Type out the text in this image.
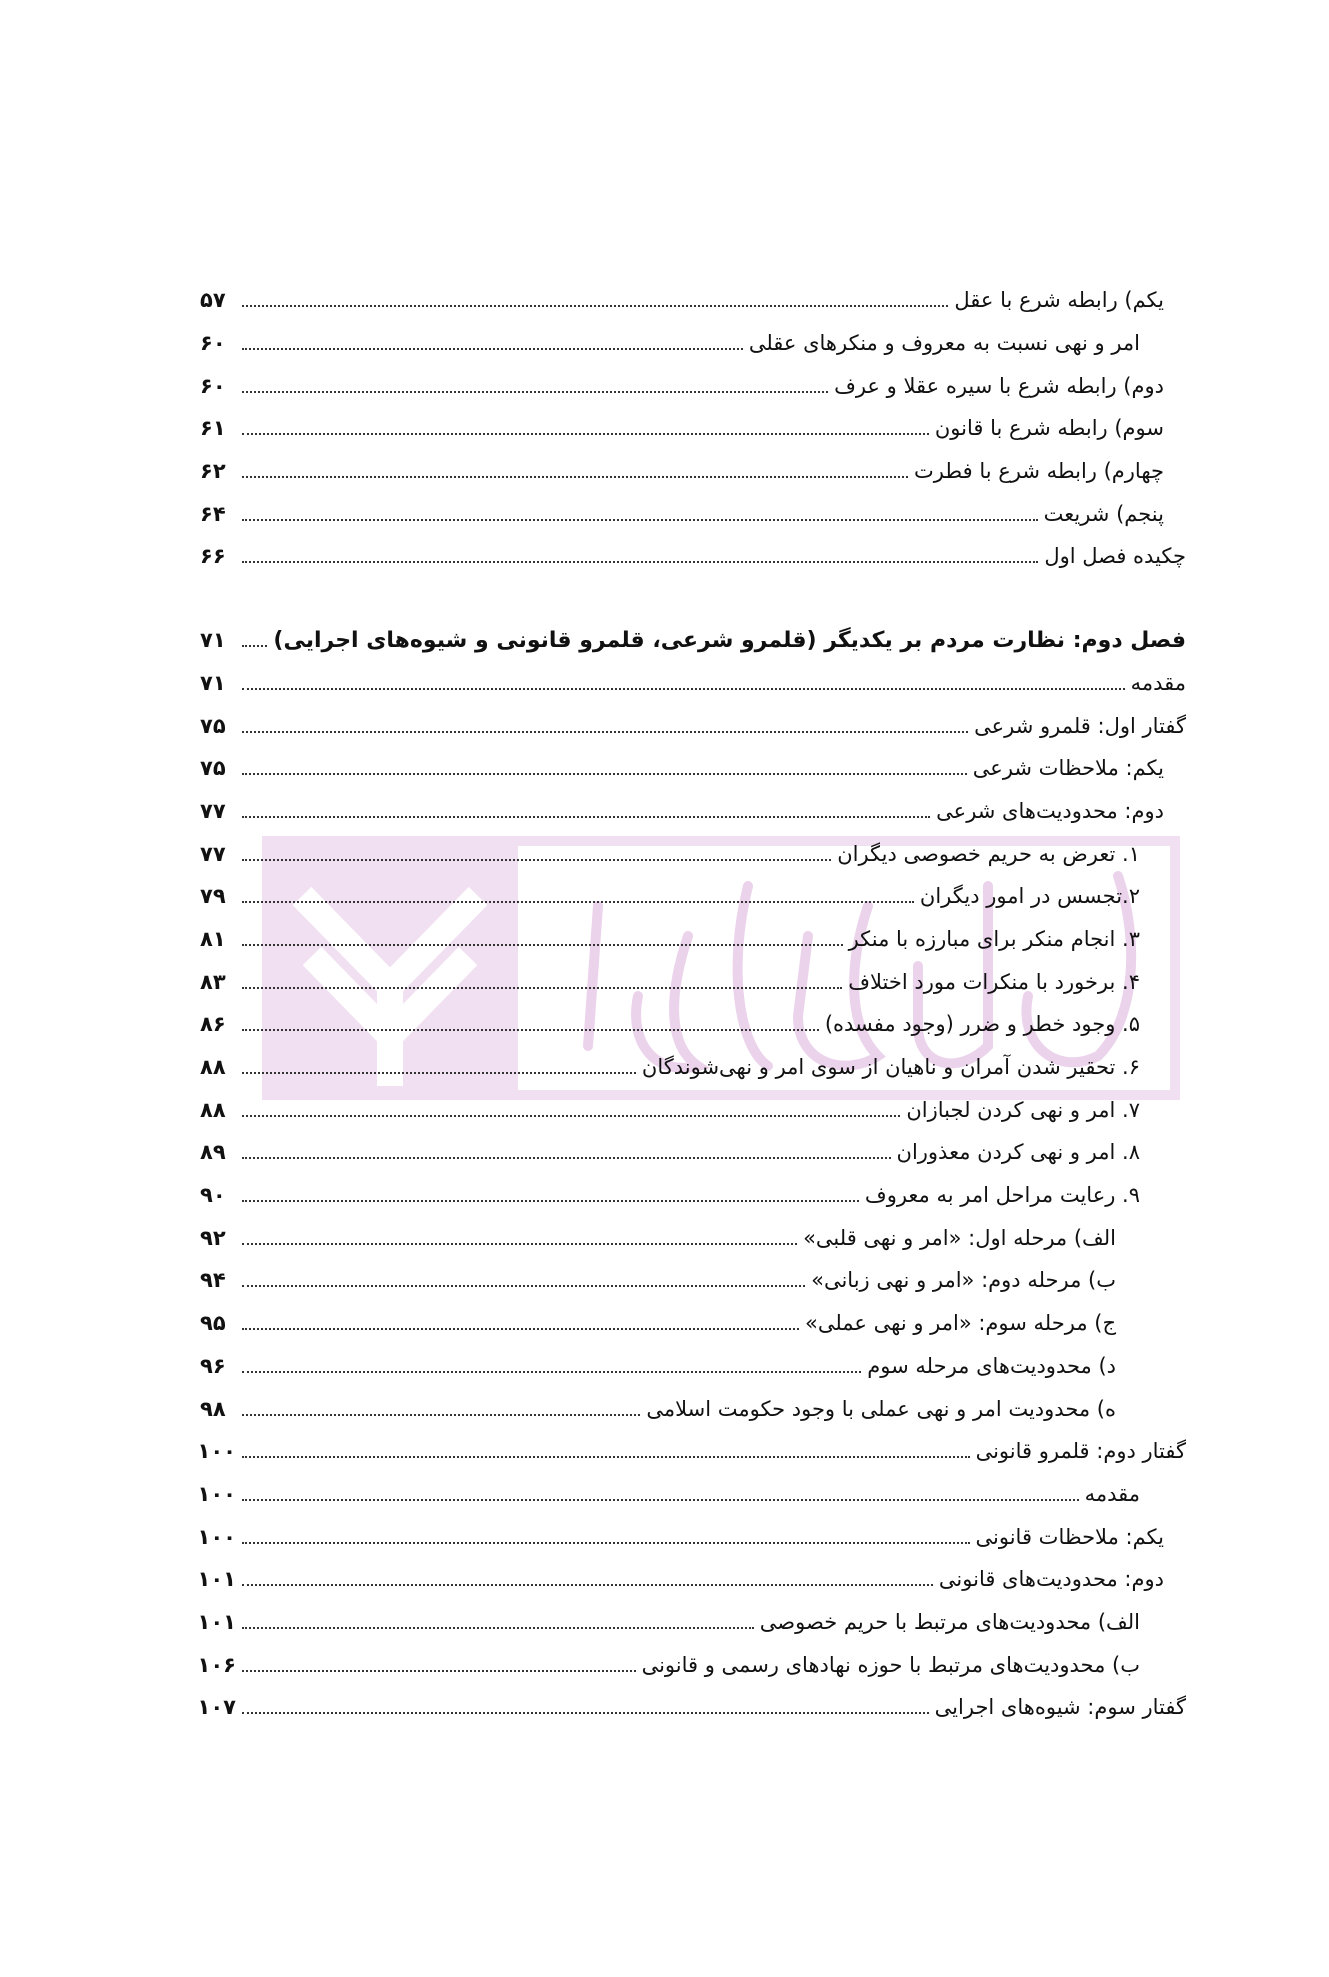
یکم) رابطه شرع با عقل
۵۷
امر و نهی نسبت به معروف و منکرهای عقلی
۶۰
دوم) رابطه شرع با سیره عقلا و عرف
۶۰
سوم) رابطه شرع با قانون
۶۱
چهارم) رابطه شرع با فطرت
۶۲
پنجم) شریعت
۶۴
چکیده فصل اول
۶۶
فصل دوم: نظارت مردم بر یکدیگر (قلمرو شرعی، قلمرو قانونی و شیوه‌های اجرایی)
۷۱
مقدمه
۷۱
گفتار اول: قلمرو شرعی
۷۵
یکم: ملاحظات شرعی
۷۵
دوم: محدودیت‌های شرعی
۷۷
۱. تعرض به حریم خصوصی دیگران
۷۷
۲.تجسس در امور دیگران
۷۹
۳. انجام منکر برای مبارزه با منکر
۸۱
۴. برخورد با منکرات مورد اختلاف
۸۳
۵. وجود خطر و ضرر (وجود مفسده)
۸۶
۶. تحقیر شدن آمران و ناهیان از سوی امر و نهی‌شوندگان
۸۸
۷. امر و نهی کردن لجبازان
۸۸
۸. امر و نهی کردن معذوران
۸۹
۹. رعایت مراحل امر به معروف
۹۰
الف) مرحله اول: «امر و نهی قلبی»
۹۲
ب) مرحله دوم: «امر و نهی زبانی»
۹۴
ج) مرحله سوم: «امر و نهی عملی»
۹۵
د) محدودیت‌های مرحله سوم
۹۶
ه) محدودیت امر و نهی عملی با وجود حکومت اسلامی
۹۸
گفتار دوم: قلمرو قانونی
۱۰۰
مقدمه
۱۰۰
یکم: ملاحظات قانونی
۱۰۰
دوم: محدودیت‌های قانونی
۱۰۱
الف) محدودیت‌های مرتبط با حریم خصوصی
۱۰۱
ب) محدودیت‌های مرتبط با حوزه نهادهای رسمی و قانونی
۱۰۶
گفتار سوم: شیوه‌های اجرایی
۱۰۷
